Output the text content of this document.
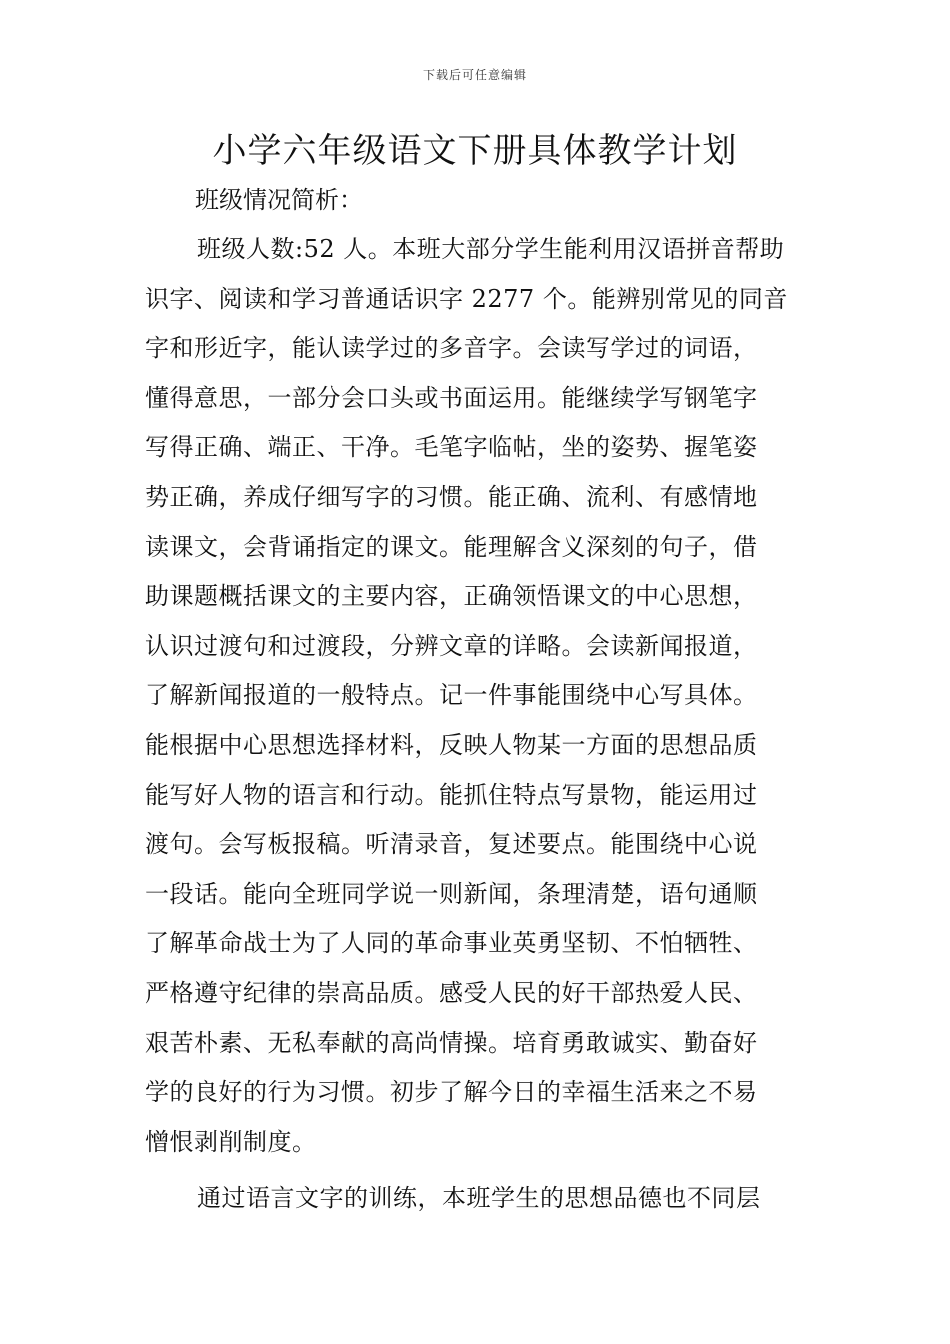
下载后可任意编辑
小学六年级语文下册具体教学计划

班级情况简析：

班级人数:52 人。本班大部分学生能利用汉语拼音帮助
识字、阅读和学习普通话识字 2277 个。能辨别常见的同音
字和形近字，能认读学过的多音字。会读写学过的词语，
懂得意思，一部分会口头或书面运用。能继续学写钢笔字
写得正确、端正、干净。毛笔字临帖，坐的姿势、握笔姿
势正确，养成仔细写字的习惯。能正确、流利、有感情地
读课文，会背诵指定的课文。能理解含义深刻的句子，借
助课题概括课文的主要内容，正确领悟课文的中心思想，
认识过渡句和过渡段，分辨文章的详略。会读新闻报道，
了解新闻报道的一般特点。记一件事能围绕中心写具体。
能根据中心思想选择材料，反映人物某一方面的思想品质
能写好人物的语言和行动。能抓住特点写景物，能运用过
渡句。会写板报稿。听清录音，复述要点。能围绕中心说
一段话。能向全班同学说一则新闻，条理清楚，语句通顺
了解革命战士为了人同的革命事业英勇坚韧、不怕牺牲、
严格遵守纪律的崇高品质。感受人民的好干部热爱人民、
艰苦朴素、无私奉献的高尚情操。培育勇敢诚实、勤奋好
学的良好的行为习惯。初步了解今日的幸福生活来之不易
憎恨剥削制度。
通过语言文字的训练，本班学生的思想品德也不同层
